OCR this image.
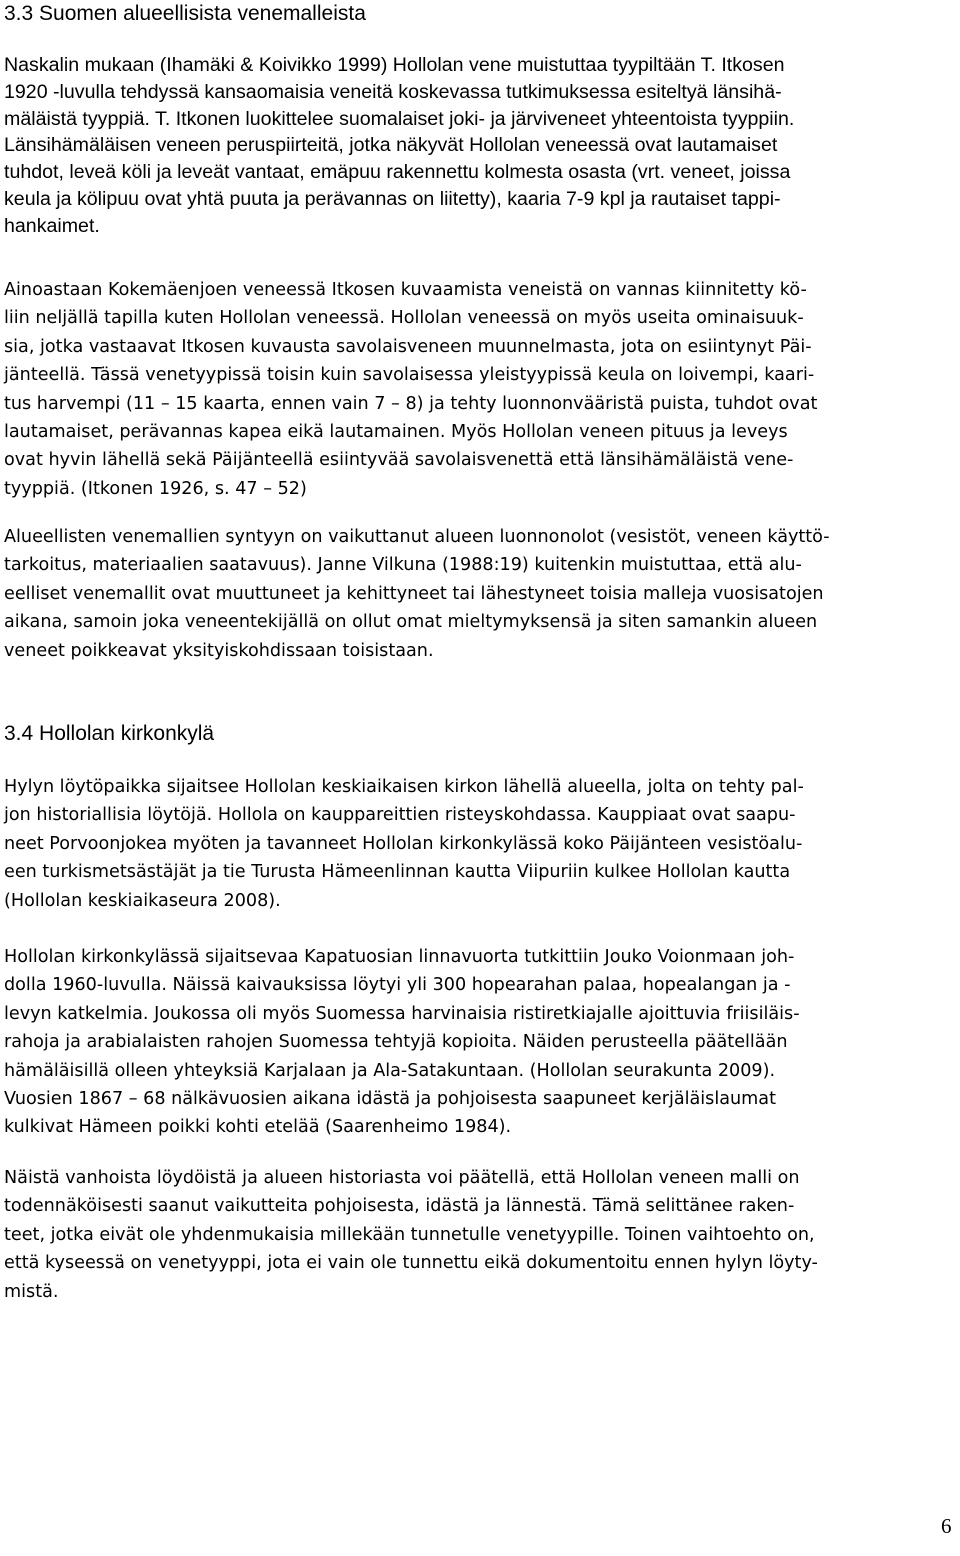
3.3 Suomen alueellisista venemalleista
Naskalin mukaan (Ihamäki & Koivikko 1999) Hollolan vene muistuttaa tyypiltään T. Itkosen
1920 -luvulla tehdyssä kansaomaisia veneitä koskevassa tutkimuksessa esiteltyä länsihä-
mäläistä tyyppiä. T. Itkonen luokittelee suomalaiset joki- ja järviveneet yhteentoista tyyppiin.
Länsihämäläisen veneen peruspiirteitä, jotka näkyvät Hollolan veneessä ovat lautamaiset
tuhdot, leveä köli ja leveät vantaat, emäpuu rakennettu kolmesta osasta (vrt. veneet, joissa
keula ja kölipuu ovat yhtä puuta ja perävannas on liitetty), kaaria 7-9 kpl ja rautaiset tappi-
hankaimet.
Ainoastaan Kokemäenjoen veneessä Itkosen kuvaamista veneistä on vannas kiinnitetty kö-
liin neljällä tapilla kuten Hollolan veneessä. Hollolan veneessä on myös useita ominaisuuk-
sia, jotka vastaavat Itkosen kuvausta savolaisveneen muunnelmasta, jota on esiintynyt Päi-
jänteellä. Tässä venetyypissä toisin kuin savolaisessa yleistyypissä keula on loivempi, kaari-
tus harvempi (11 – 15 kaarta, ennen vain 7 – 8) ja tehty luonnonvääristä puista, tuhdot ovat
lautamaiset, perävannas kapea eikä lautamainen. Myös Hollolan veneen pituus ja leveys
ovat hyvin lähellä sekä Päijänteellä esiintyvää savolaisvenettä että länsihämäläistä vene-
tyyppiä. (Itkonen 1926, s. 47 – 52)
Alueellisten venemallien syntyyn on vaikuttanut alueen luonnonolot (vesistöt, veneen käyttö-
tarkoitus, materiaalien saatavuus). Janne Vilkuna (1988:19) kuitenkin muistuttaa, että alu-
eelliset venemallit ovat muuttuneet ja kehittyneet tai lähestyneet toisia malleja vuosisatojen
aikana, samoin joka veneentekijällä on ollut omat mieltymyksensä ja siten samankin alueen
veneet poikkeavat yksityiskohdissaan toisistaan.
3.4 Hollolan kirkonkylä
Hylyn löytöpaikka sijaitsee Hollolan keskiaikaisen kirkon lähellä alueella, jolta on tehty pal-
jon historiallisia löytöjä. Hollola on kauppareittien risteyskohdassa. Kauppiaat ovat saapu-
neet Porvoonjokea myöten ja tavanneet Hollolan kirkonkylässä koko Päijänteen vesistöalu-
een turkismetsästäjät ja tie Turusta Hämeenlinnan kautta Viipuriin kulkee Hollolan kautta
(Hollolan keskiaikaseura 2008).
Hollolan kirkonkylässä sijaitsevaa Kapatuosian linnavuorta tutkittiin Jouko Voionmaan joh-
dolla 1960-luvulla. Näissä kaivauksissa löytyi yli 300 hopearahan palaa, hopealangan ja -
levyn katkelmia. Joukossa oli myös Suomessa harvinaisia ristiretkiajalle ajoittuvia friisiläis-
rahoja ja arabialaisten rahojen Suomessa tehtyjä kopioita. Näiden perusteella päätellään
hämäläisillä olleen yhteyksiä Karjalaan ja Ala-Satakuntaan. (Hollolan seurakunta 2009).
Vuosien 1867 – 68 nälkävuosien aikana idästä ja pohjoisesta saapuneet kerjäläislaumat
kulkivat Hämeen poikki kohti etelää (Saarenheimo 1984).
Näistä vanhoista löydöistä ja alueen historiasta voi päätellä, että Hollolan veneen malli on
todennäköisesti saanut vaikutteita pohjoisesta, idästä ja lännestä. Tämä selittänee raken-
teet, jotka eivät ole yhdenmukaisia millekään tunnetulle venetyypille. Toinen vaihtoehto on,
että kyseessä on venetyyppi, jota ei vain ole tunnettu eikä dokumentoitu ennen hylyn löyty-
mistä.
6
